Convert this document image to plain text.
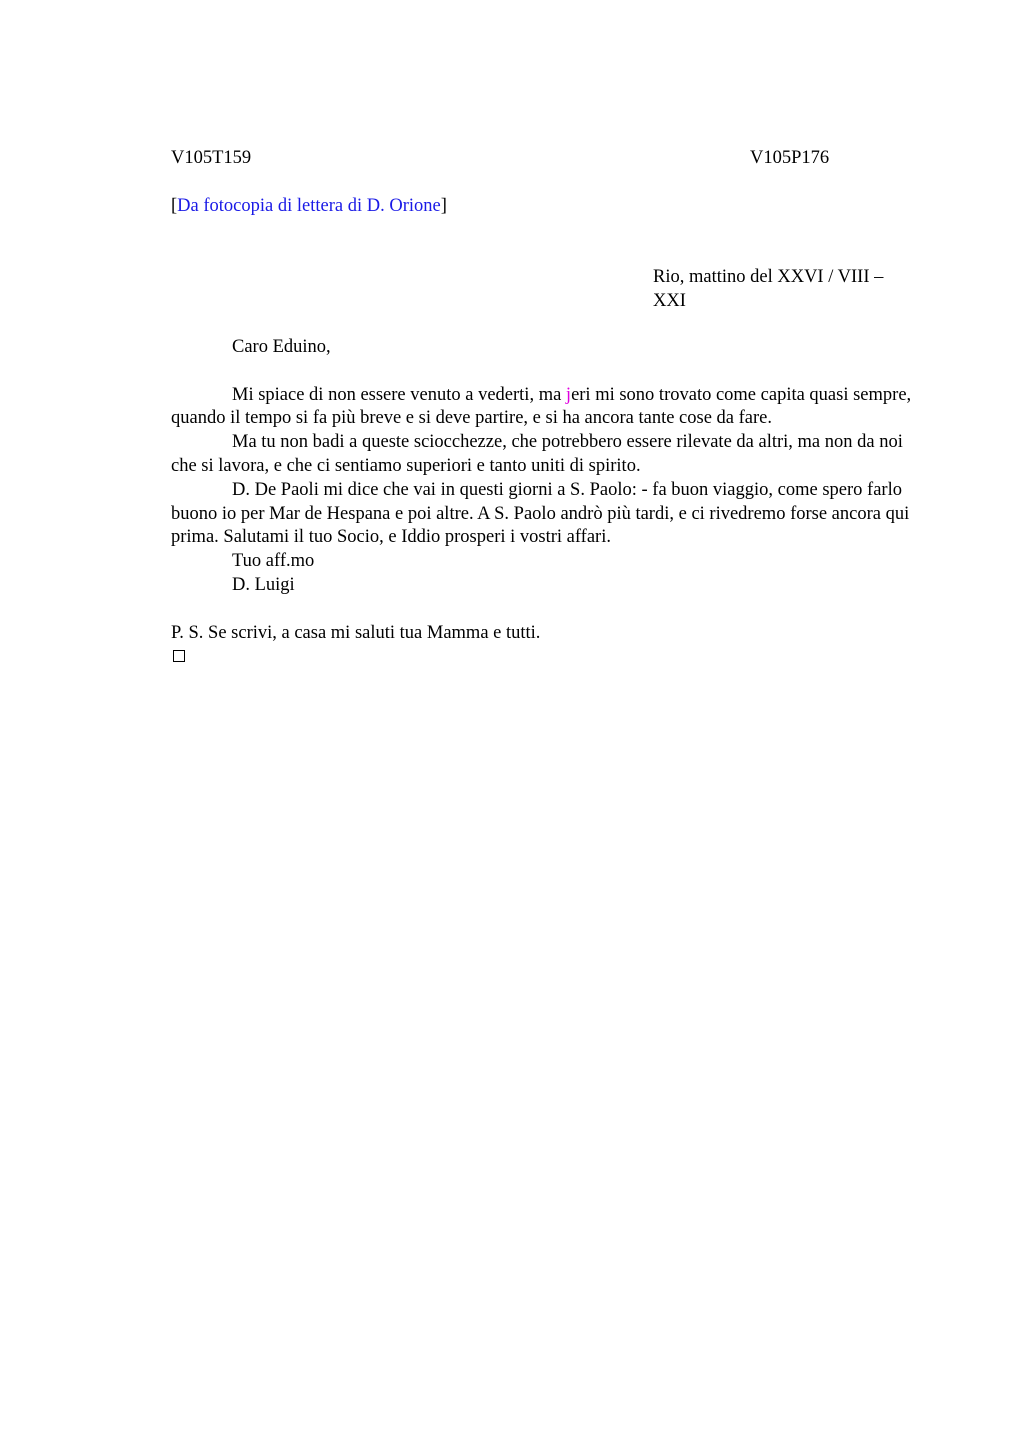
V105T159	V105P176
[Da fotocopia di lettera di D. Orione]
Rio, mattino del XXVI / VIII –
XXI

Caro Eduino,

Mi spiace di non essere venuto a vederti, ma jeri mi sono trovato come capita quasi sempre, quando il tempo si fa più breve e si deve partire, e si ha ancora tante cose da fare.

Ma tu non badi a queste sciocchezze, che potrebbero essere rilevate da altri, ma non da noi che si lavora, e che ci sentiamo superiori e tanto uniti di spirito.

D. De Paoli mi dice che vai in questi giorni a S. Paolo: - fa buon viaggio, come spero farlo buono io per Mar de Hespana e poi altre. A S. Paolo andrò più tardi, e ci rivedremo forse ancora qui prima. Salutami il tuo Socio, e Iddio prosperi i vostri affari.

Tuo aff.mo

D. Luigi

P. S. Se scrivi, a casa mi saluti tua Mamma e tutti.
